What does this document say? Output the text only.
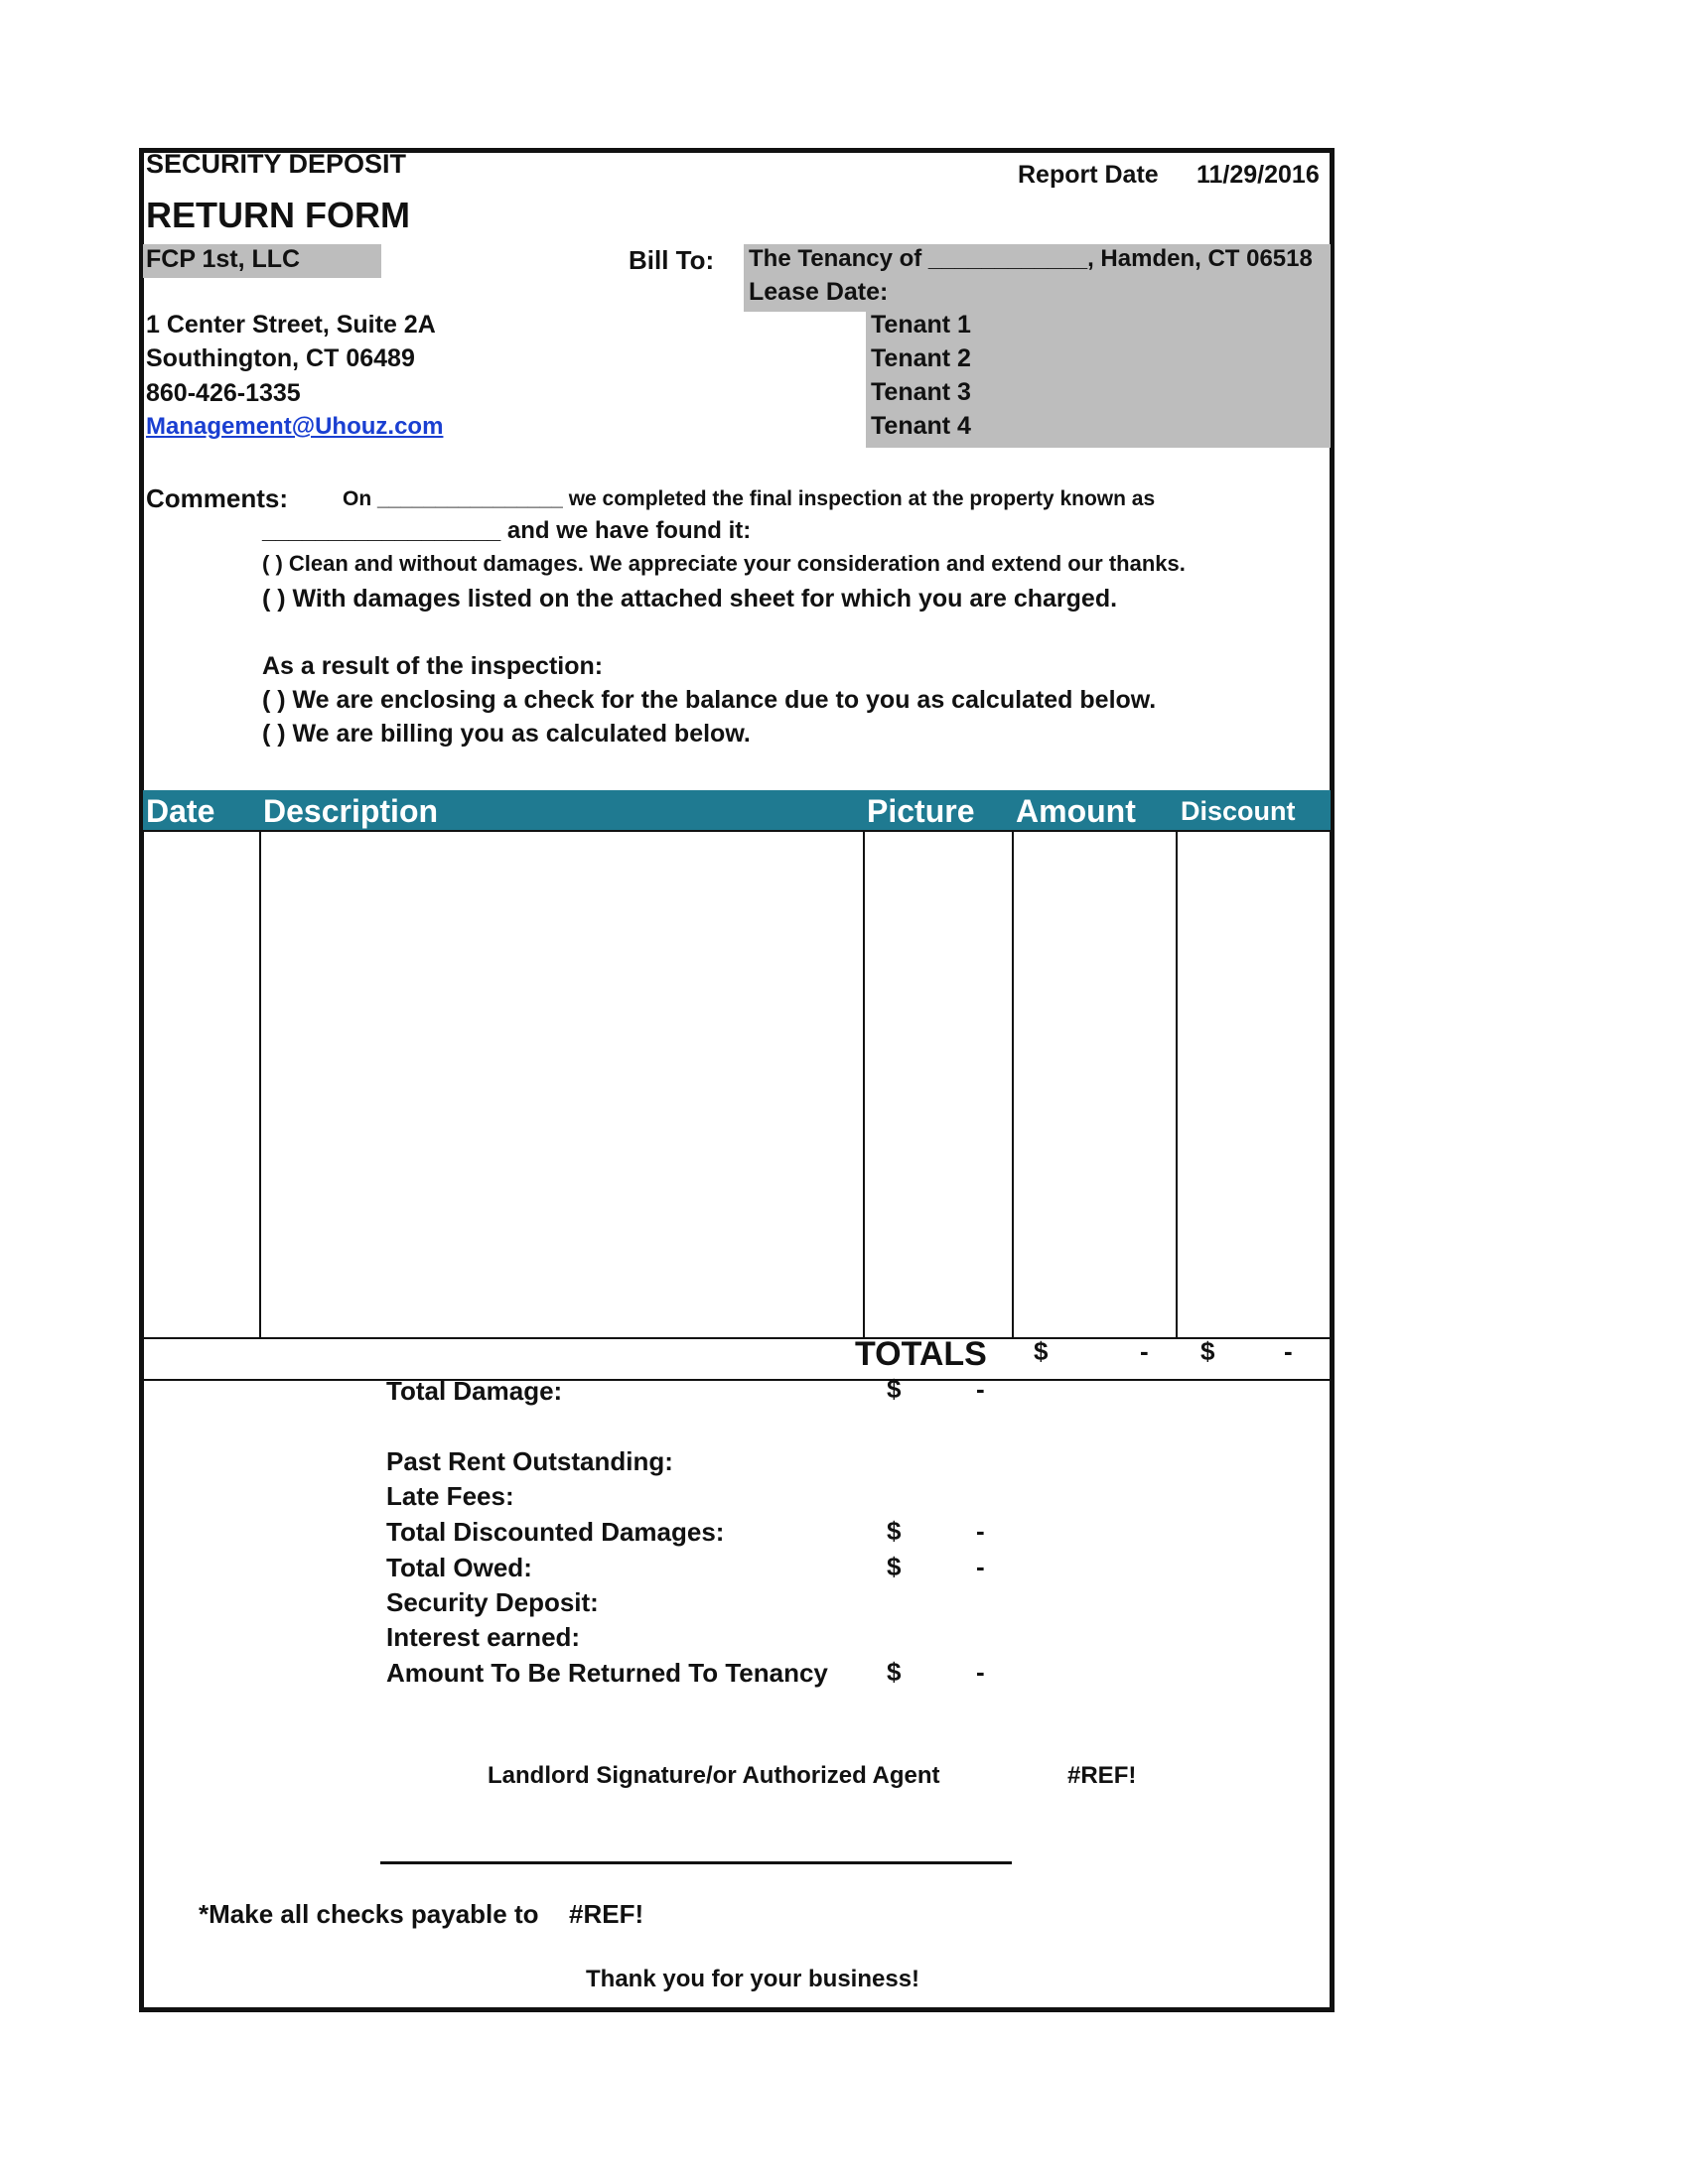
SECURITY DEPOSIT
RETURN FORM
Report Date 11/29/2016
FCP 1st, LLC
1 Center Street, Suite 2A
Southington, CT 06489
860-426-1335
Management@Uhouz.com
Bill To: The Tenancy of ____________, Hamden, CT 06518
Lease Date:
Tenant 1
Tenant 2
Tenant 3
Tenant 4
Comments:	On ________________ we completed the final inspection at the property known as
__________________ and we have found it:
( ) Clean and without damages. We appreciate your consideration and extend our thanks.
( ) With damages listed on the attached sheet for which you are charged.
As a result of the inspection:
( ) We are enclosing a check for the balance due to you as calculated below.
( ) We are billing you as calculated below.
Date Description	Picture Amount Discount
TOTALS $	- $	-
Total Damage:	$	-
Past Rent Outstanding:
Late Fees:
Total Discounted Damages:	$	-
Total Owed:	$	-
Security Deposit:
Interest earned:
Amount To Be Returned To Tenancy $	-
Landlord Signature/or Authorized Agent	#REF!
*Make all checks payable to #REF!
Thank you for your business!
